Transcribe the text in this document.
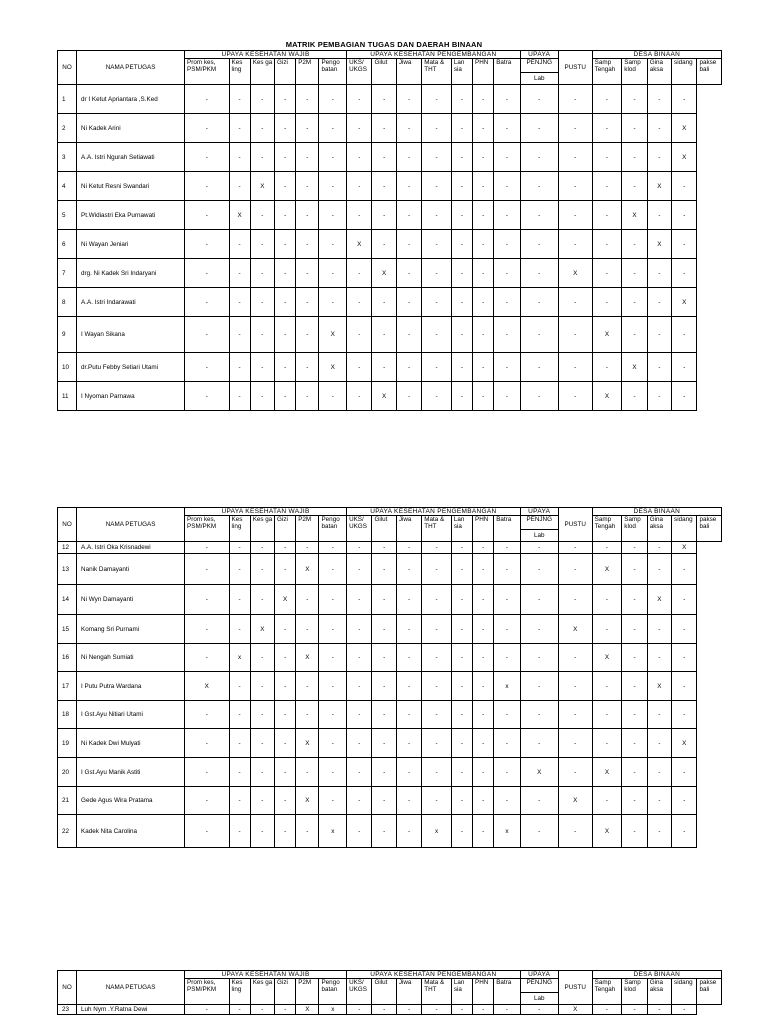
MATRIK PEMBAGIAN TUGAS DAN DAERAH BINAAN
NO	NAMA PETUGAS	UPAYA KESEHATAN WAJIB						UPAYA KESEHATAN PENGEMBANGAN							UPAYA	PUSTU	DESA BINAAN				
		Prom kes, PSM/PKM	Kes ling	Kes ga	Gizi	P2M	Pengo batan	UKS/ UKGS	Gilut	Jiwa	Mata & THT	Lan sia	PHN	Batra	PENJNG
Lab		Samp Tengah	Samp klod	Gina aksa	sidang	pakse bali
1	dr I Ketut Apriantara ,S.Ked	-	-	-	-	-	-	-	-	-	-	-	-	-	-	-	-	-	-	-	
2	Ni Kadek Arini	-	-	-	-	-	-	-	-	-	-	-	-	-	-	-	-	-	-	X	
3	A.A. Istri Ngurah Setiawati	-	-	-	-	-	-	-	-	-	-	-	-	-	-	-	-	-	-	X	
4	Ni Ketut Resni Swandari	-	-	X	-	-	-	-	-	-	-	-	-	-	-	-	-	-	X	-	
5	Pt.Widiastri Eka Purnawati	-	X	-	-	-	-	-	-	-	-	-	-	-	-	-	-	X	-	-	
6	Ni Wayan Jeniari	-	-	-	-	-	-	X	-	-	-	-	-	-	-	-	-	-	X	-	
7	drg. Ni Kadek Sri Indaryani	-	-	-	-	-	-	-	X	-	-	-	-	-	-	X	-	-	-	-	
8	A.A. Istri Indarawati	-	-	-	-	-	-	-	-	-	-	-	-	-	-	-	-	-	-	X	
9	I Wayan Sikana	-	-	-	-	-	X	-	-	-	-	-	-	-	-	-	X	-	-	-	
10	dr.Putu Febby Setiari Utami	-	-	-	-	-	X	-	-	-	-	-	-	-	-	-	-	X	-	-	
11	I Nyoman Parnawa	-	-	-	-	-	-	-	X	-	-	-	-	-	-	-	X	-	-	-	
NO	NAMA PETUGAS	UPAYA KESEHATAN WAJIB						UPAYA KESEHATAN PENGEMBANGAN							UPAYA	PUSTU	DESA BINAAN				
		Prom kes, PSM/PKM	Kes ling	Kes ga	Gizi	P2M	Pengo batan	UKS/ UKGS	Gilut	Jiwa	Mata & THT	Lan sia	PHN	Batra	PENJNG
Lab		Samp Tengah	Samp klod	Gina aksa	sidang	pakse bali
12	A.A. Istri Oka Krisnadewi	-	-	-	-	-	-	-	-	-	-	-	-	-	-	-	-	-	-	X	
13	Nanik Damayanti	-	-	-	-	X	-	-	-	-	-	-	-	-	-	-	X	-	-	-	
14	Ni Wyn Damayanti	-	-	-	X	-	-	-	-	-	-	-	-	-	-	-	-	-	X	-	
15	Komang Sri Purnami	-	-	X	-	-	-	-	-	-	-	-	-	-	-	X	-	-	-	-	
16	Ni Nengah Sumiati	-	x	-	-	X	-	-	-	-	-	-	-	-	-	-	X	-	-	-	
17	I Putu Putra Wardana	X	-	-	-	-	-	-	-	-	-	-	-	x	-	-	-	-	X	-	
18	I Gst.Ayu Nitiari Utami	-	-	-	-	-	-	-	-	-	-	-	-	-	-	-	-	-	-	-	
19	Ni Kadek Dwi Mulyati	-	-	-	-	X	-	-	-	-	-	-	-	-	-	-	-	-	-	X	
20	I Gst.Ayu Manik Astiti	-	-	-	-	-	-	-	-	-	-	-	-	-	X	-	X	-	-	-	
21	Gede Agus Wira Pratama	-	-	-	-	X	-	-	-	-	-	-	-	-	-	X	-	-	-	-	
22	Kadek Nita Carolina	-	-	-	-	-	x	-	-	-	x	-	-	x	-	-	X	-	-	-	
NO	NAMA PETUGAS	UPAYA KESEHATAN WAJIB						UPAYA KESEHATAN PENGEMBANGAN							UPAYA	PUSTU	DESA BINAAN				
		Prom kes, PSM/PKM	Kes ling	Kes ga	Gizi	P2M	Pengo batan	UKS/ UKGS	Gilut	Jiwa	Mata & THT	Lan sia	PHN	Batra	PENJNG
Lab		Samp Tengah	Samp klod	Gina aksa	sidang	pakse bali
23	Luh Nym .Y.Ratna Dewi	-	-	-	-	X	x	-	-	-	-	-	-	-	-	X	-	-	-	-	
